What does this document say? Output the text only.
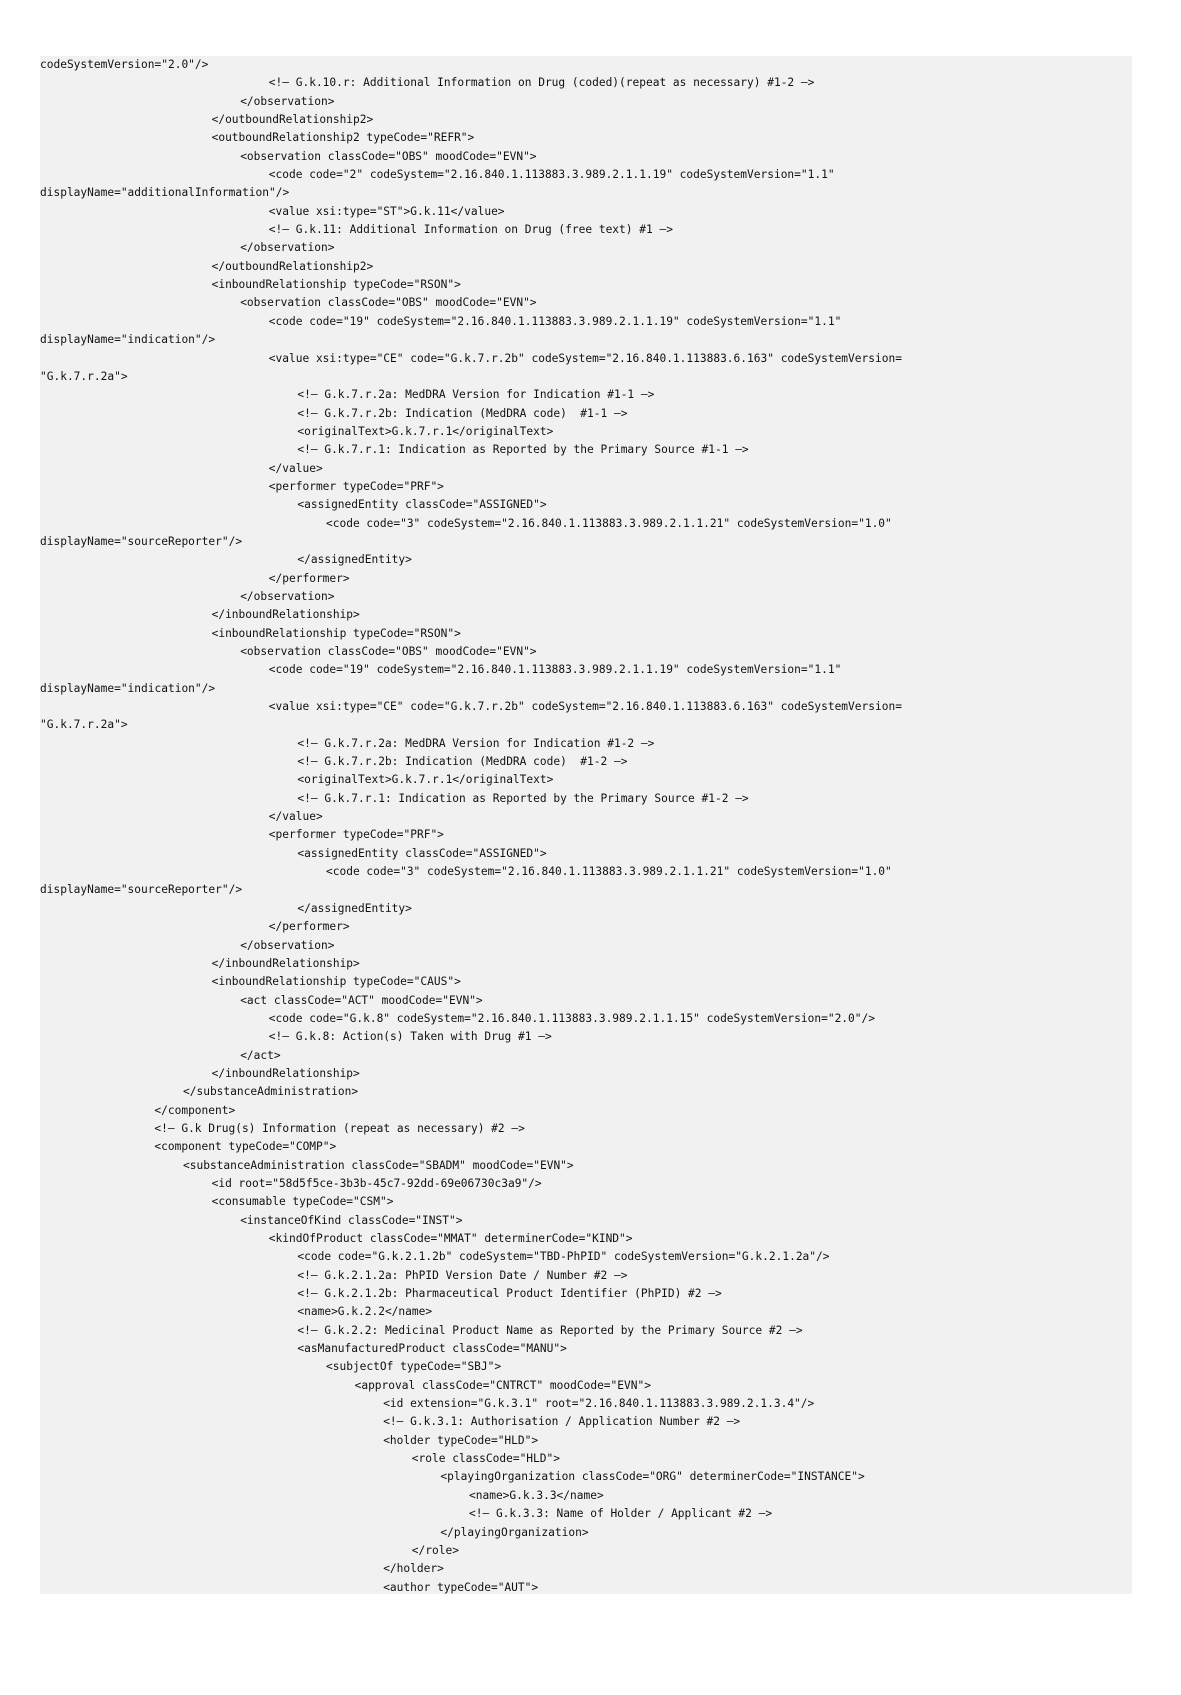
codeSystemVersion="2.0"/>
<!— G.k.10.r: Additional Information on Drug (coded)(repeat as necessary) #1-2 —>
</observation>
</outboundRelationship2>
<outboundRelationship2 typeCode="REFR">
<observation classCode="OBS" moodCode="EVN">
<code code="2" codeSystem="2.16.840.1.113883.3.989.2.1.1.19" codeSystemVersion="1.1"
displayName="additionalInformation"/>
<value xsi:type="ST">G.k.11</value>
<!— G.k.11: Additional Information on Drug (free text) #1 —>
</observation>
</outboundRelationship2>
<inboundRelationship typeCode="RSON">
<observation classCode="OBS" moodCode="EVN">
<code code="19" codeSystem="2.16.840.1.113883.3.989.2.1.1.19" codeSystemVersion="1.1"
displayName="indication"/>
<value xsi:type="CE" code="G.k.7.r.2b" codeSystem="2.16.840.1.113883.6.163" codeSystemVersion=
"G.k.7.r.2a">
<!— G.k.7.r.2a: MedDRA Version for Indication #1-1 —>
<!— G.k.7.r.2b: Indication (MedDRA code)  #1-1 —>
<originalText>G.k.7.r.1</originalText>
<!— G.k.7.r.1: Indication as Reported by the Primary Source #1-1 —>
</value>
<performer typeCode="PRF">
<assignedEntity classCode="ASSIGNED">
<code code="3" codeSystem="2.16.840.1.113883.3.989.2.1.1.21" codeSystemVersion="1.0"
displayName="sourceReporter"/>
</assignedEntity>
</performer>
</observation>
</inboundRelationship>
<inboundRelationship typeCode="RSON">
<observation classCode="OBS" moodCode="EVN">
<code code="19" codeSystem="2.16.840.1.113883.3.989.2.1.1.19" codeSystemVersion="1.1"
displayName="indication"/>
<value xsi:type="CE" code="G.k.7.r.2b" codeSystem="2.16.840.1.113883.6.163" codeSystemVersion=
"G.k.7.r.2a">
<!— G.k.7.r.2a: MedDRA Version for Indication #1-2 —>
<!— G.k.7.r.2b: Indication (MedDRA code)  #1-2 —>
<originalText>G.k.7.r.1</originalText>
<!— G.k.7.r.1: Indication as Reported by the Primary Source #1-2 —>
</value>
<performer typeCode="PRF">
<assignedEntity classCode="ASSIGNED">
<code code="3" codeSystem="2.16.840.1.113883.3.989.2.1.1.21" codeSystemVersion="1.0"
displayName="sourceReporter"/>
</assignedEntity>
</performer>
</observation>
</inboundRelationship>
<inboundRelationship typeCode="CAUS">
<act classCode="ACT" moodCode="EVN">
<code code="G.k.8" codeSystem="2.16.840.1.113883.3.989.2.1.1.15" codeSystemVersion="2.0"/>
<!— G.k.8: Action(s) Taken with Drug #1 —>
</act>
</inboundRelationship>
</substanceAdministration>
</component>
<!— G.k Drug(s) Information (repeat as necessary) #2 —>
<component typeCode="COMP">
<substanceAdministration classCode="SBADM" moodCode="EVN">
<id root="58d5f5ce-3b3b-45c7-92dd-69e06730c3a9"/>
<consumable typeCode="CSM">
<instanceOfKind classCode="INST">
<kindOfProduct classCode="MMAT" determinerCode="KIND">
<code code="G.k.2.1.2b" codeSystem="TBD-PhPID" codeSystemVersion="G.k.2.1.2a"/>
<!— G.k.2.1.2a: PhPID Version Date / Number #2 —>
<!— G.k.2.1.2b: Pharmaceutical Product Identifier (PhPID) #2 —>
<name>G.k.2.2</name>
<!— G.k.2.2: Medicinal Product Name as Reported by the Primary Source #2 —>
<asManufacturedProduct classCode="MANU">
<subjectOf typeCode="SBJ">
<approval classCode="CNTRCT" moodCode="EVN">
<id extension="G.k.3.1" root="2.16.840.1.113883.3.989.2.1.3.4"/>
<!— G.k.3.1: Authorisation / Application Number #2 —>
<holder typeCode="HLD">
<role classCode="HLD">
<playingOrganization classCode="ORG" determinerCode="INSTANCE">
<name>G.k.3.3</name>
<!— G.k.3.3: Name of Holder / Applicant #2 —>
</playingOrganization>
</role>
</holder>
<author typeCode="AUT">
